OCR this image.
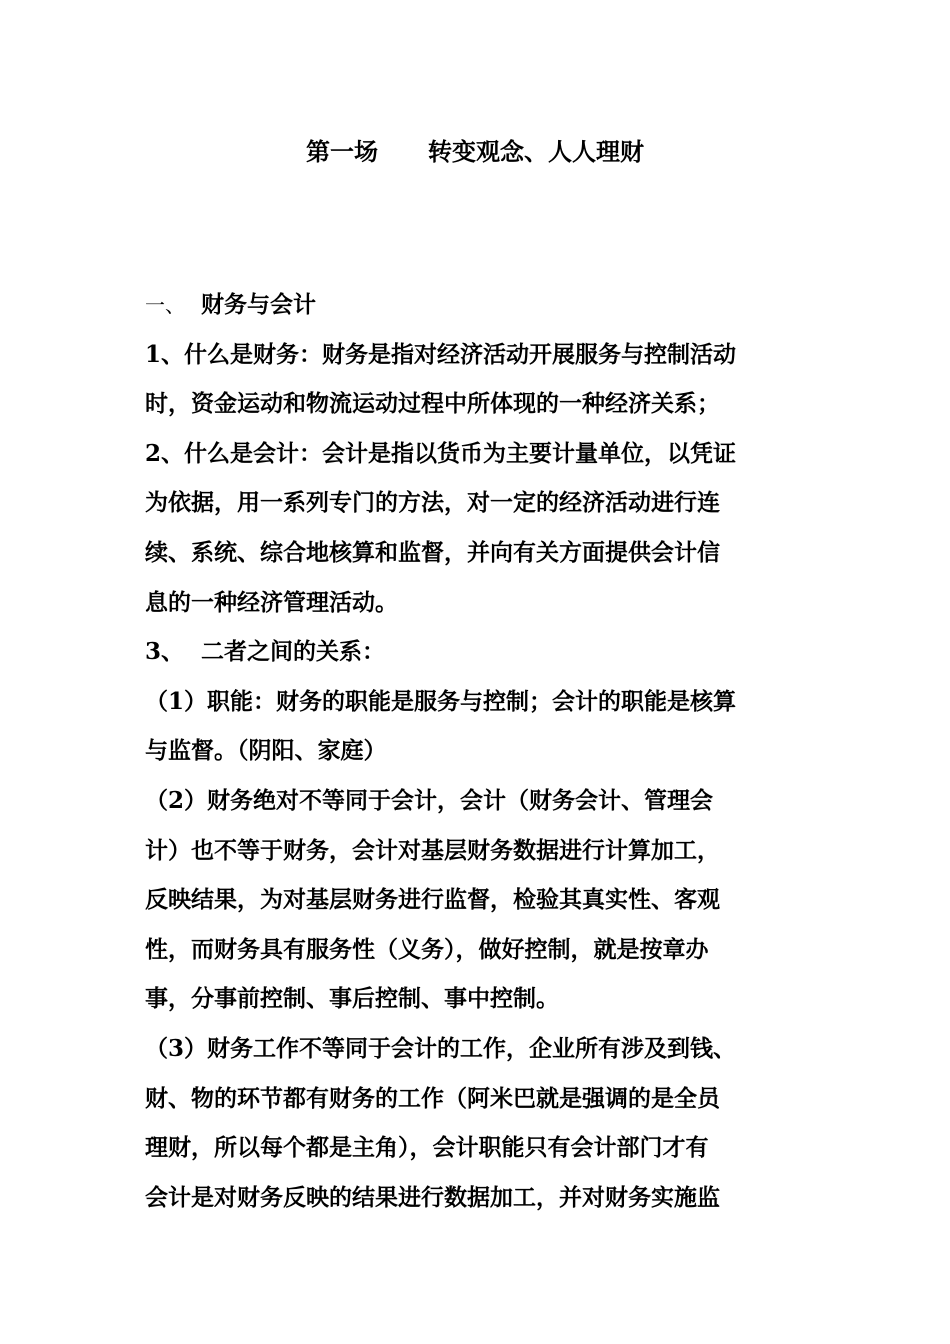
第一场 转变观念、人人理财
一、 财务与会计
1、什么是财务：财务是指对经济活动开展服务与控制活动
时，资金运动和物流运动过程中所体现的一种经济关系；
2、什么是会计：会计是指以货币为主要计量单位，以凭证
为依据，用一系列专门的方法，对一定的经济活动进行连
续、系统、综合地核算和监督，并向有关方面提供会计信
息的一种经济管理活动。
3、 二者之间的关系：
（1）职能：财务的职能是服务与控制；会计的职能是核算
与监督。（阴阳、家庭）
（2）财务绝对不等同于会计，会计（财务会计、管理会
计）也不等于财务，会计对基层财务数据进行计算加工，
反映结果，为对基层财务进行监督，检验其真实性、客观
性，而财务具有服务性（义务），做好控制，就是按章办
事，分事前控制、事后控制、事中控制。
（3）财务工作不等同于会计的工作，企业所有涉及到钱、
财、物的环节都有财务的工作（阿米巴就是强调的是全员
理财，所以每个都是主角），会计职能只有会计部门才有
会计是对财务反映的结果进行数据加工，并对财务实施监
